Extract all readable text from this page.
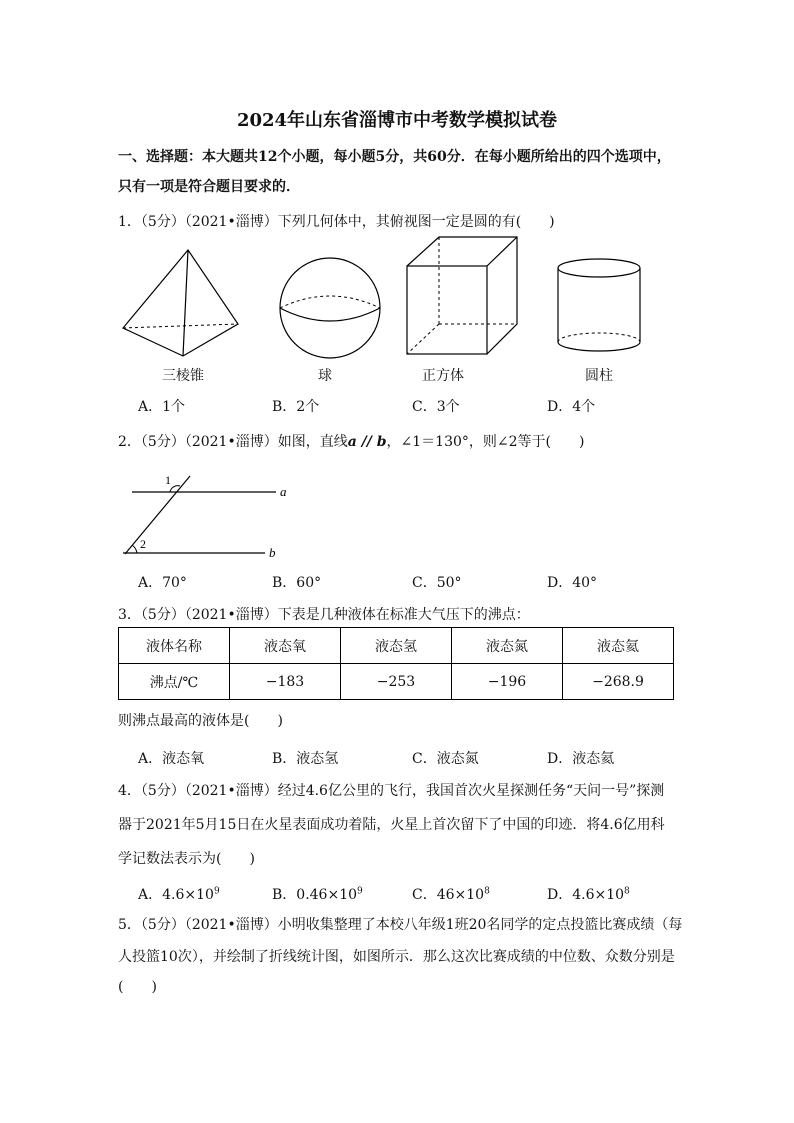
2024年山东省淄博市中考数学模拟试卷
一、选择题：本大题共12个小题，每小题5分，共60分．在每小题所给出的四个选项中，
只有一项是符合题目要求的．
1．（5分）（2021•淄博）下列几何体中，其俯视图一定是圆的有(　　)
三棱锥	球	正方体	圆柱
A．1个	B．2个	C．3个	D．4个
2．（5分）（2021•淄博）如图，直线a // b，∠1＝130°，则∠2等于(　　)
1
2
a
b
A．70°	B．60°	C．50°	D．40°
3．（5分）（2021•淄博）下表是几种液体在标准大气压下的沸点：
液体名称	液态氧	液态氢	液态氮	液态氦
沸点/℃	−183	−253	−196	−268.9
则沸点最高的液体是(　　)
A．液态氧	B．液态氢	C．液态氮	D．液态氦
4．（5分）（2021•淄博）经过4.6亿公里的飞行，我国首次火星探测任务“天问一号”探测
器于2021年5月15日在火星表面成功着陆，火星上首次留下了中国的印迹．将4.6亿用科
学记数法表示为(　　)
A．$4.6\times 10^9$	B．$0.46\times 10^9$	C．$46\times 10^8$	D．$4.6\times 10^8$
5．（5分）（2021•淄博）小明收集整理了本校八年级1班20名同学的定点投篮比赛成绩（每
人投篮10次），并绘制了折线统计图，如图所示．那么这次比赛成绩的中位数、众数分别是
(　　)
